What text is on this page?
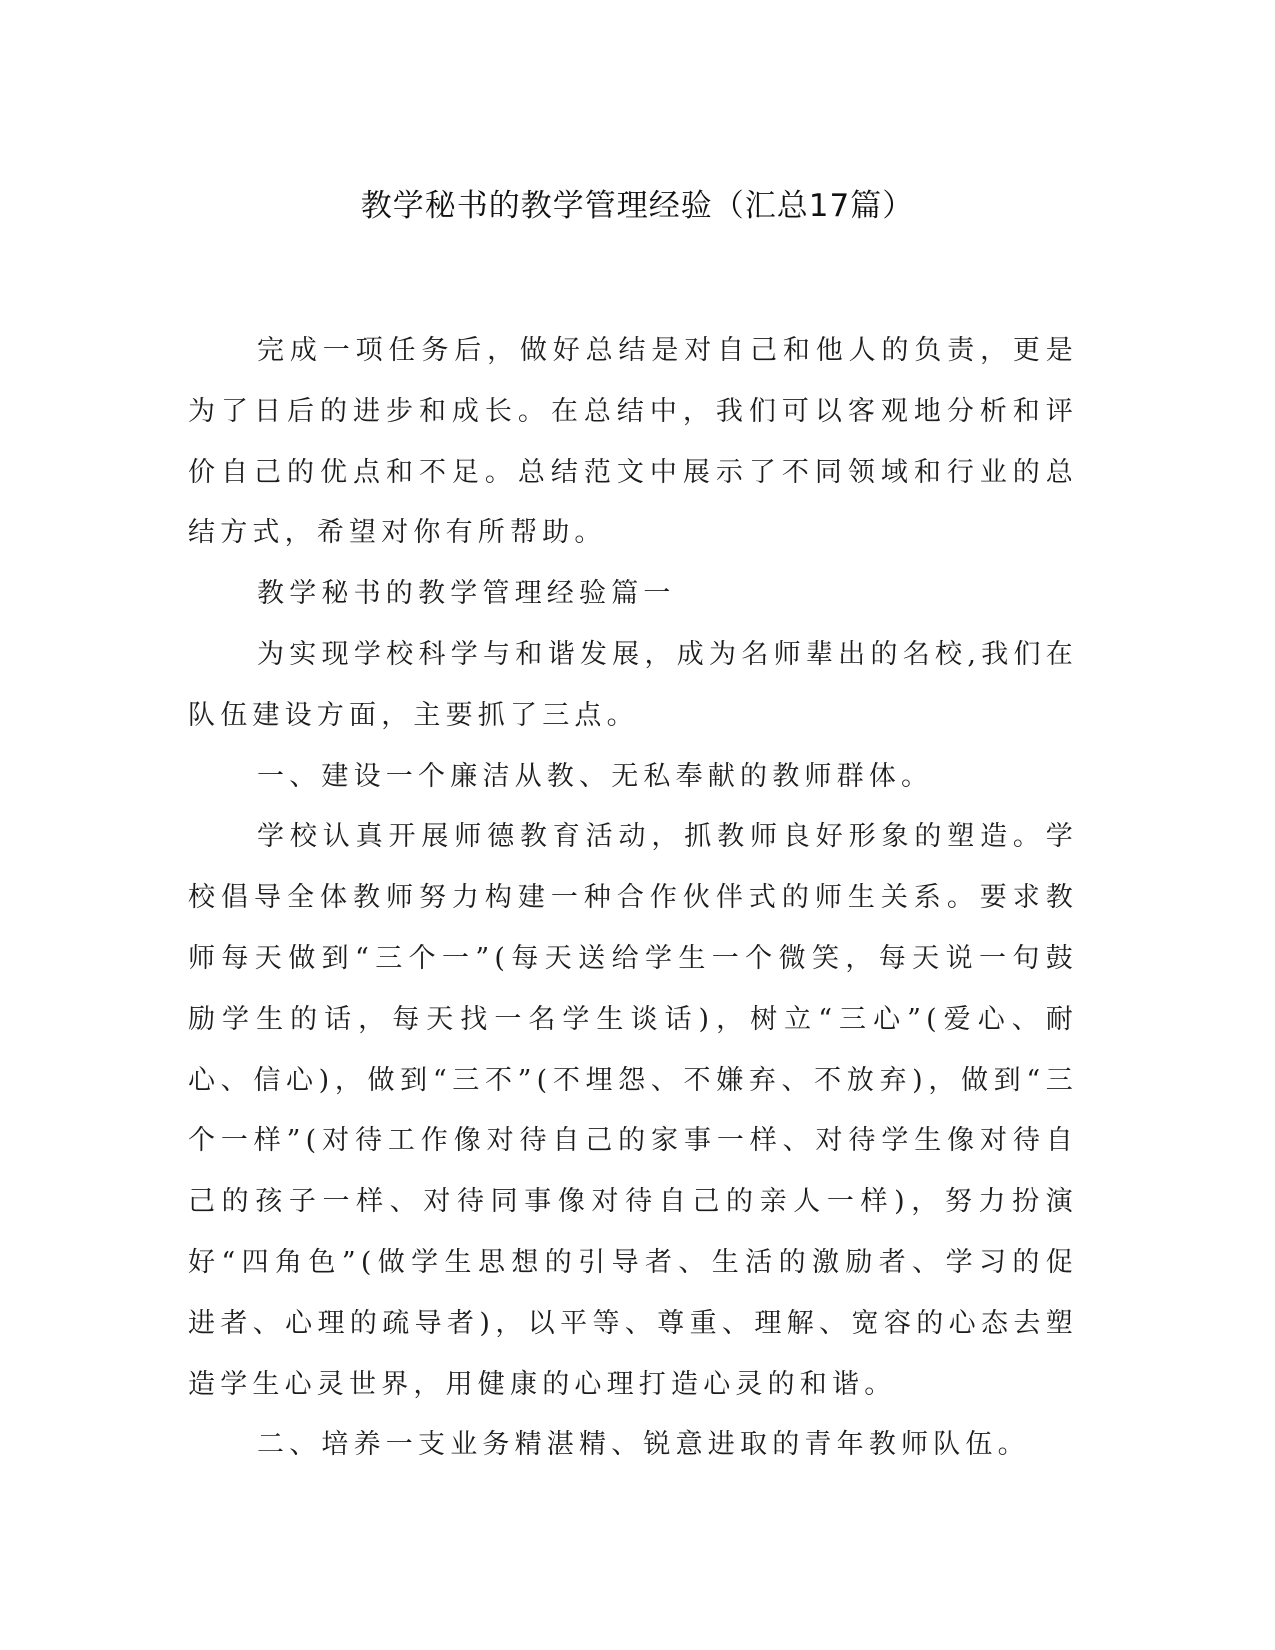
教学秘书的教学管理经验（汇总17篇）

完成一项任务后，做好总结是对自己和他人的负责，更是为了日后的进步和成长。在总结中，我们可以客观地分析和评价自己的优点和不足。总结范文中展示了不同领域和行业的总结方式，希望对你有所帮助。

教学秘书的教学管理经验篇一

为实现学校科学与和谐发展，成为名师辈出的名校,我们在队伍建设方面，主要抓了三点。

一、建设一个廉洁从教、无私奉献的教师群体。

学校认真开展师德教育活动，抓教师良好形象的塑造。学校倡导全体教师努力构建一种合作伙伴式的师生关系。要求教师每天做到“三个一”(每天送给学生一个微笑，每天说一句鼓励学生的话，每天找一名学生谈话)，树立“三心”(爱心、耐心、信心)，做到“三不”(不埋怨、不嫌弃、不放弃)，做到“三个一样”(对待工作像对待自己的家事一样、对待学生像对待自己的孩子一样、对待同事像对待自己的亲人一样)，努力扮演好“四角色”(做学生思想的引导者、生活的激励者、学习的促进者、心理的疏导者)，以平等、尊重、理解、宽容的心态去塑造学生心灵世界，用健康的心理打造心灵的和谐。

二、培养一支业务精湛精、锐意进取的青年教师队伍。
